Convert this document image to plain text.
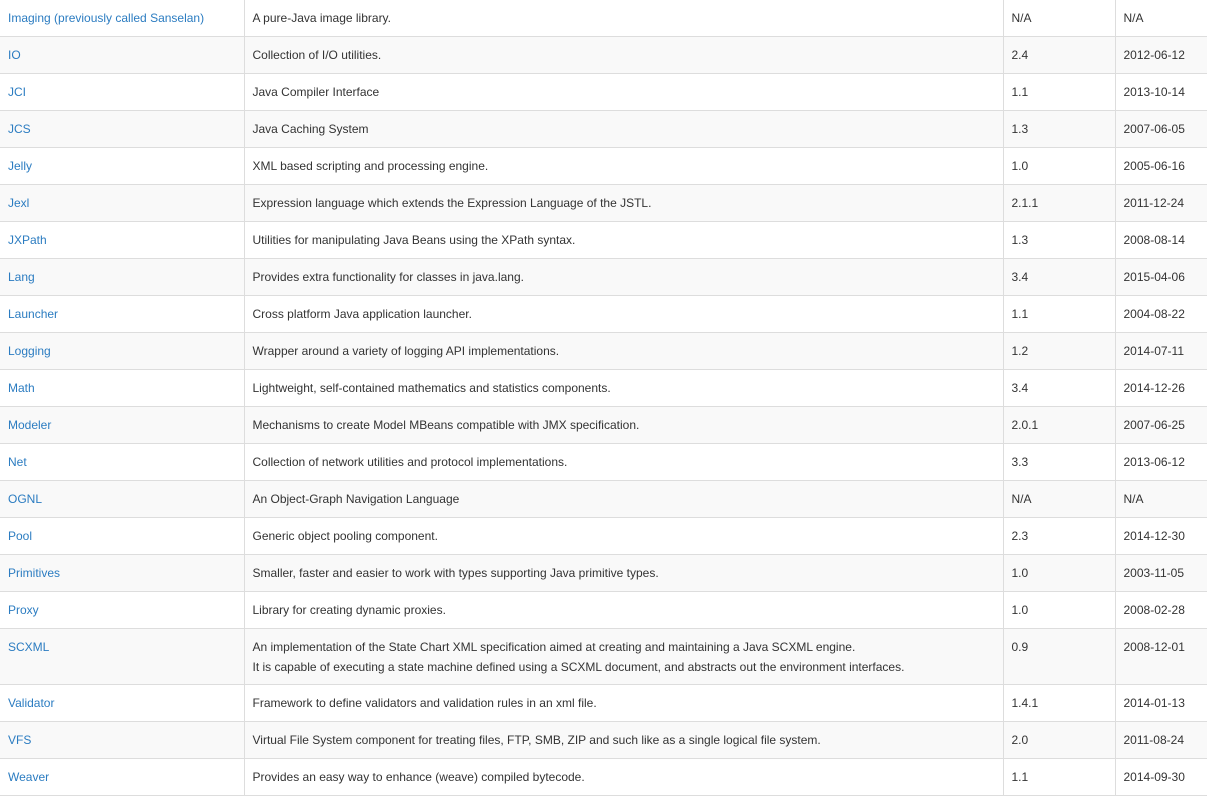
Imaging (previously called Sanselan)	A pure-Java image library.	N/A	N/A
IO	Collection of I/O utilities.	2.4	2012-06-12
JCI	Java Compiler Interface	1.1	2013-10-14
JCS	Java Caching System	1.3	2007-06-05
Jelly	XML based scripting and processing engine.	1.0	2005-06-16
Jexl	Expression language which extends the Expression Language of the JSTL.	2.1.1	2011-12-24
JXPath	Utilities for manipulating Java Beans using the XPath syntax.	1.3	2008-08-14
Lang	Provides extra functionality for classes in java.lang.	3.4	2015-04-06
Launcher	Cross platform Java application launcher.	1.1	2004-08-22
Logging	Wrapper around a variety of logging API implementations.	1.2	2014-07-11
Math	Lightweight, self-contained mathematics and statistics components.	3.4	2014-12-26
Modeler	Mechanisms to create Model MBeans compatible with JMX specification.	2.0.1	2007-06-25
Net	Collection of network utilities and protocol implementations.	3.3	2013-06-12
OGNL	An Object-Graph Navigation Language	N/A	N/A
Pool	Generic object pooling component.	2.3	2014-12-30
Primitives	Smaller, faster and easier to work with types supporting Java primitive types.	1.0	2003-11-05
Proxy	Library for creating dynamic proxies.	1.0	2008-02-28
SCXML	An implementation of the State Chart XML specification aimed at creating and maintaining a Java SCXML engine.
It is capable of executing a state machine defined using a SCXML document, and abstracts out the environment interfaces.	0.9	2008-12-01
Validator	Framework to define validators and validation rules in an xml file.	1.4.1	2014-01-13
VFS	Virtual File System component for treating files, FTP, SMB, ZIP and such like as a single logical file system.	2.0	2011-08-24
Weaver	Provides an easy way to enhance (weave) compiled bytecode.	1.1	2014-09-30
